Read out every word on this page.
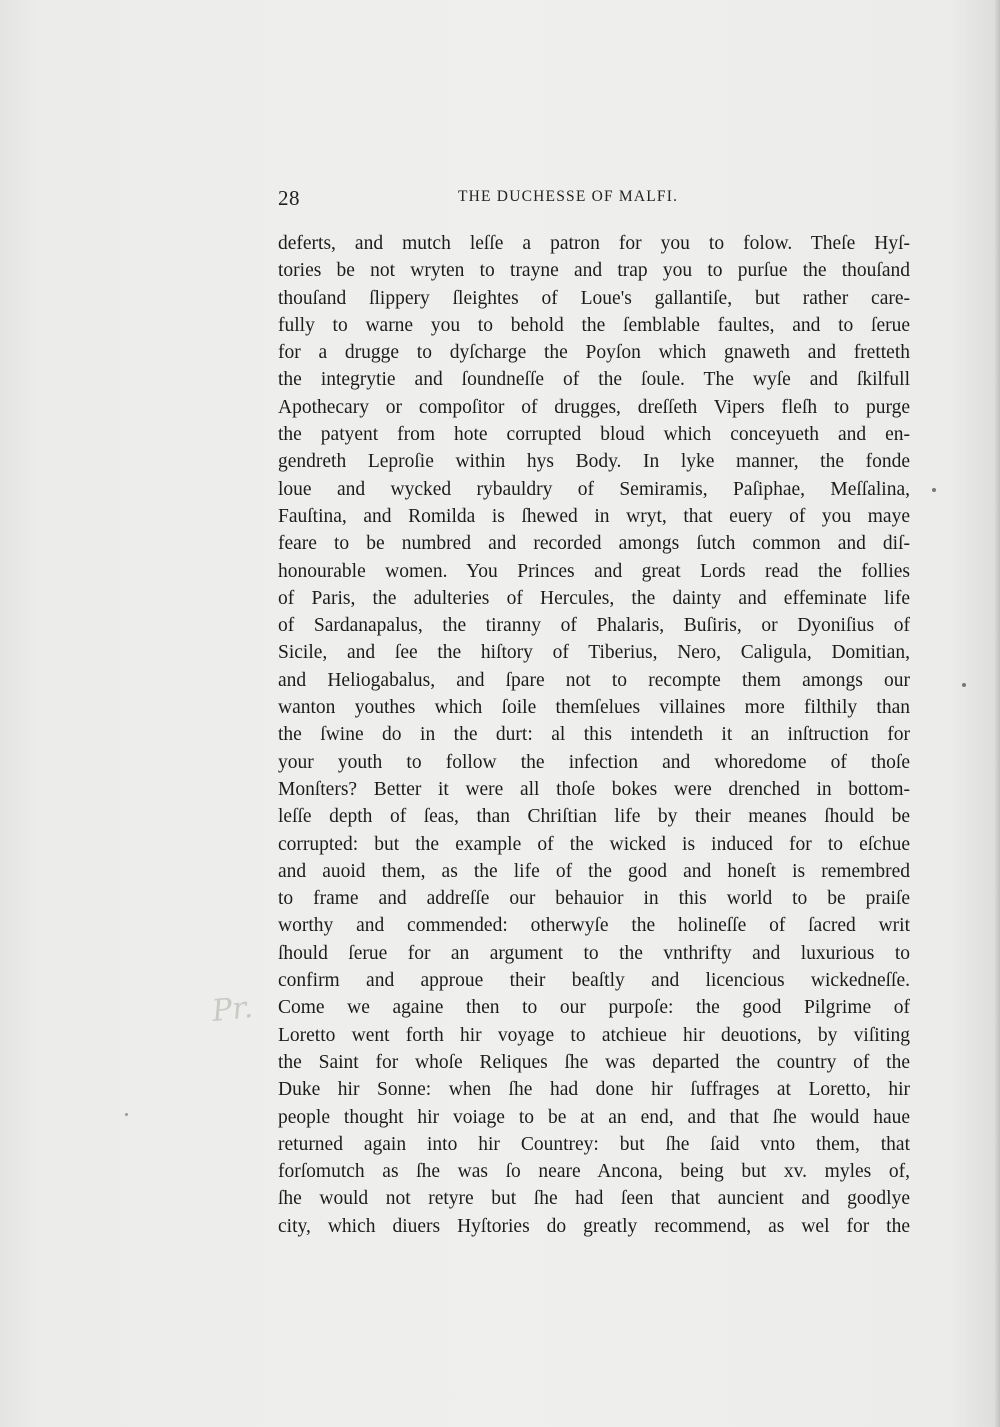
28	THE DUCHESSE OF MALFI.

deferts, and mutch leſſe a patron for you to folow. Theſe Hyſ-
tories be not wryten to trayne and trap you to purſue the thouſand
thouſand ſlippery ſleightes of Loue's gallantiſe, but rather care-
fully to warne you to behold the ſemblable faultes, and to ſerue
for a drugge to dyſcharge the Poyſon which gnaweth and fretteth
the integrytie and ſoundneſſe of the ſoule. The wyſe and ſkilfull
Apothecary or compoſitor of drugges, dreſſeth Vipers fleſh to purge
the patyent from hote corrupted bloud which conceyueth and en-
gendreth Leproſie within hys Body. In lyke manner, the fonde
loue and wycked rybauldry of Semiramis, Paſiphae, Meſſalina,
Fauſtina, and Romilda is ſhewed in wryt, that euery of you maye
feare to be numbred and recorded amongs ſutch common and diſ-
honourable women. You Princes and great Lords read the follies
of Paris, the adulteries of Hercules, the dainty and effeminate life
of Sardanapalus, the tiranny of Phalaris, Buſiris, or Dyoniſius of
Sicile, and ſee the hiſtory of Tiberius, Nero, Caligula, Domitian,
and Heliogabalus, and ſpare not to recompte them amongs our
wanton youthes which ſoile themſelues villaines more filthily than
the ſwine do in the durt: al this intendeth it an inſtruction for
your youth to follow the infection and whoredome of thoſe
Monſters? Better it were all thoſe bokes were drenched in bottom-
leſſe depth of ſeas, than Chriſtian life by their meanes ſhould be
corrupted: but the example of the wicked is induced for to eſchue
and auoid them, as the life of the good and honeſt is remembred
to frame and addreſſe our behauior in this world to be praiſe
worthy and commended: otherwyſe the holineſſe of ſacred writ
ſhould ſerue for an argument to the vnthrifty and luxurious to
confirm and approue their beaſtly and licencious wickedneſſe.
Come we againe then to our purpoſe: the good Pilgrime of
Loretto went forth hir voyage to atchieue hir deuotions, by viſiting
the Saint for whoſe Reliques ſhe was departed the country of the
Duke hir Sonne: when ſhe had done hir ſuffrages at Loretto, hir
people thought hir voiage to be at an end, and that ſhe would haue
returned again into hir Countrey: but ſhe ſaid vnto them, that
forſomutch as ſhe was ſo neare Ancona, being but xv. myles of,
ſhe would not retyre but ſhe had ſeen that auncient and goodlye
city, which diuers Hyſtories do greatly recommend, as wel for the
Pr.
